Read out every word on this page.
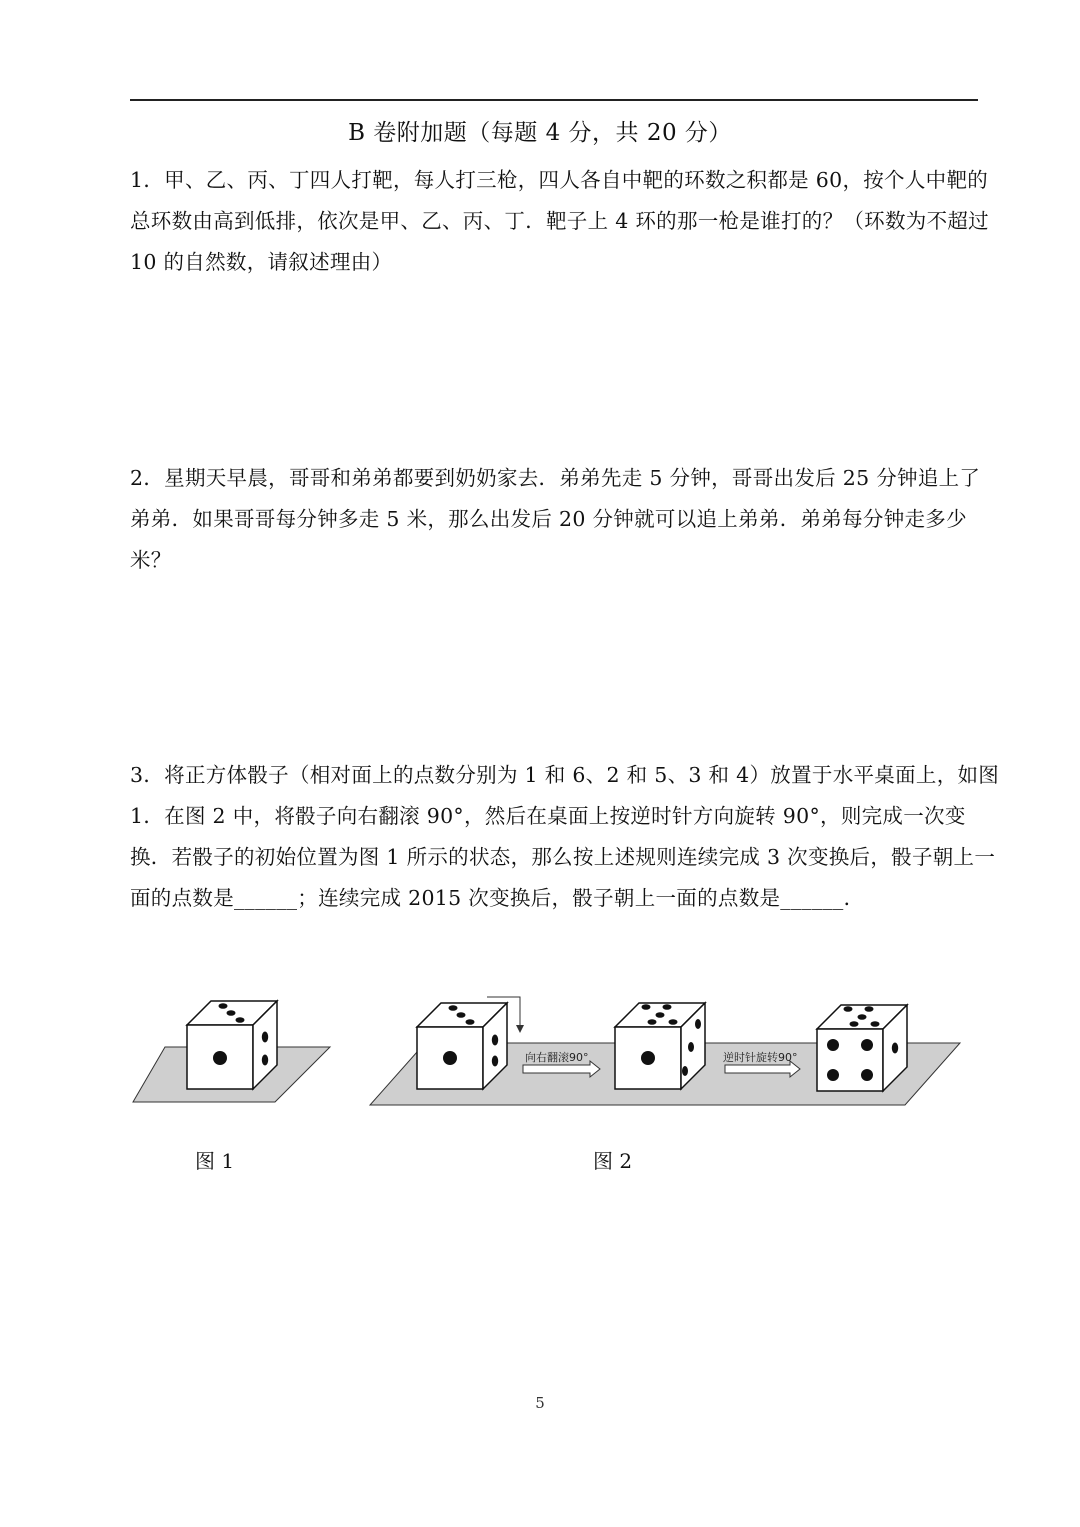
B 卷附加题（每题 4 分，共 20 分）
1．甲、乙、丙、丁四人打靶，每人打三枪，四人各自中靶的环数之积都是 60，按个人中靶的总环数由高到低排，依次是甲、乙、丙、丁．靶子上 4 环的那一枪是谁打的？（环数为不超过 10 的自然数，请叙述理由）
2．星期天早晨，哥哥和弟弟都要到奶奶家去．弟弟先走 5 分钟，哥哥出发后 25 分钟追上了弟弟．如果哥哥每分钟多走 5 米，那么出发后 20 分钟就可以追上弟弟．弟弟每分钟走多少米？
3．将正方体骰子（相对面上的点数分别为 1 和 6、2 和 5、3 和 4）放置于水平桌面上，如图 1．在图 2 中，将骰子向右翻滚 90°，然后在桌面上按逆时针方向旋转 90°，则完成一次变换．若骰子的初始位置为图 1 所示的状态，那么按上述规则连续完成 3 次变换后，骰子朝上一面的点数是______；连续完成 2015 次变换后，骰子朝上一面的点数是______．
向右翻滚90°	逆时针旋转90°
图 1	图 2
5
